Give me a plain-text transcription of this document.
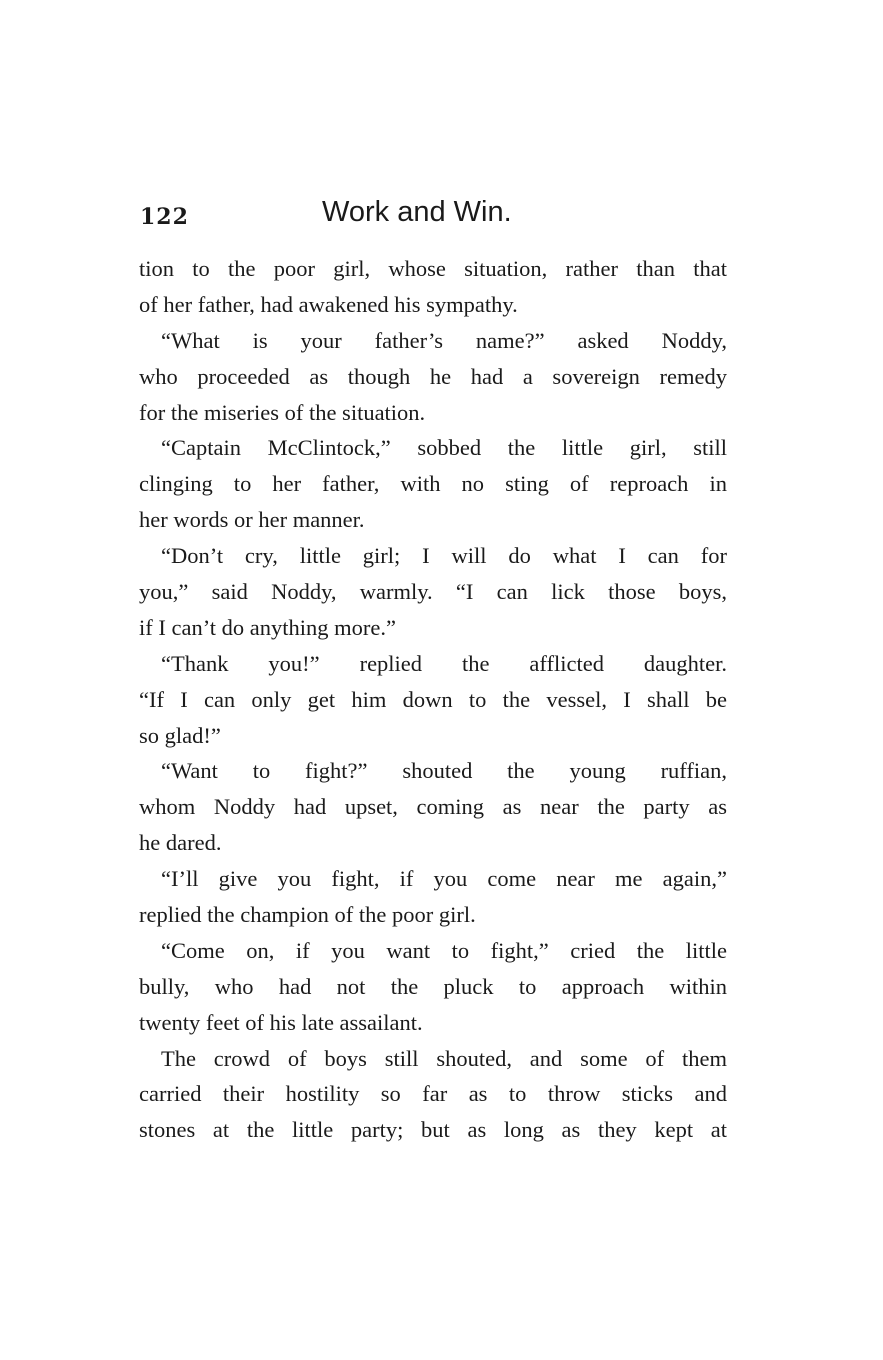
122	Work and Win.
tion to the poor girl, whose situation, rather than that
of her father, had awakened his sympathy.
“What is your father’s name?” asked Noddy,
who proceeded as though he had a sovereign remedy
for the miseries of the situation.
“Captain McClintock,” sobbed the little girl, still
clinging to her father, with no sting of reproach in
her words or her manner.
“Don’t cry, little girl; I will do what I can for
you,” said Noddy, warmly. “I can lick those boys,
if I can’t do anything more.”
“Thank you!” replied the afflicted daughter.
“If I can only get him down to the vessel, I shall be
so glad!”
“Want to fight?” shouted the young ruffian,
whom Noddy had upset, coming as near the party as
he dared.
“I’ll give you fight, if you come near me again,”
replied the champion of the poor girl.
“Come on, if you want to fight,” cried the little
bully, who had not the pluck to approach within
twenty feet of his late assailant.
The crowd of boys still shouted, and some of them
carried their hostility so far as to throw sticks and
stones at the little party; but as long as they kept at
